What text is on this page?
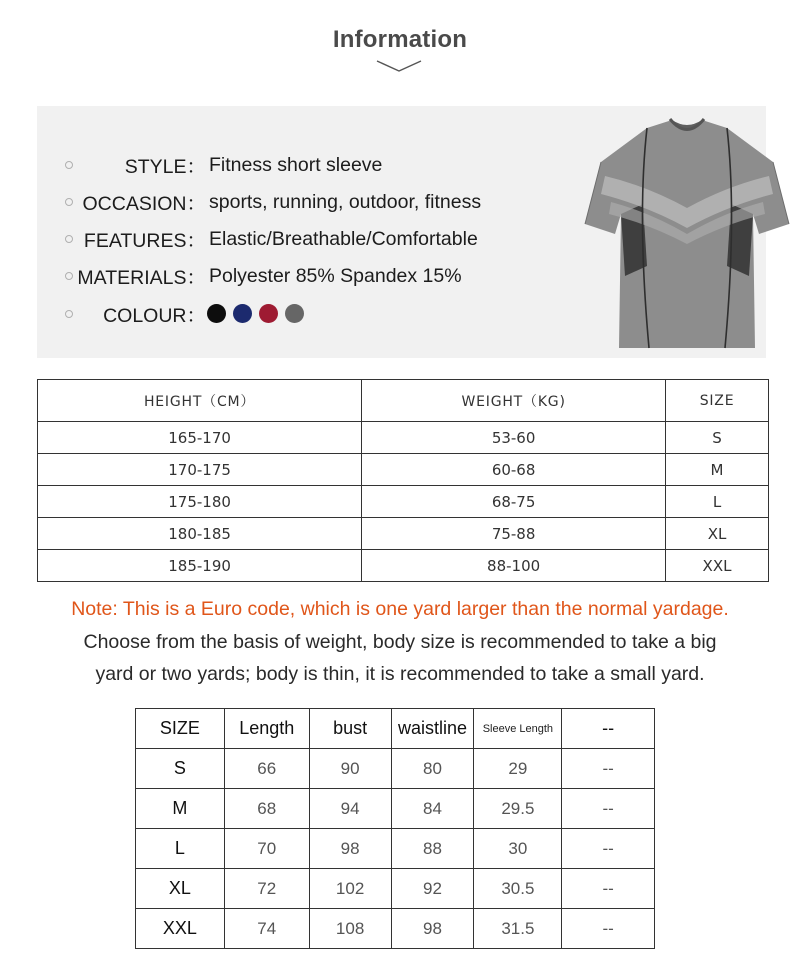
Information
STYLE： Fitness short sleeve
OCCASION： sports, running, outdoor, fitness
FEATURES： Elastic/Breathable/Comfortable
MATERIALS： Polyester 85% Spandex 15%
COLOUR：
HEIGHT（CM）	WEIGHT（KG)	SIZE
165-170	53-60	S
170-175	60-68	M
175-180	68-75	L
180-185	75-88	XL
185-190	88-100	XXL
Note: This is a Euro code, which is one yard larger than the normal yardage.
Choose from the basis of weight, body size is recommended to take a big
yard or two yards; body is thin, it is recommended to take a small yard.
SIZE	Length	bust	waistline	Sleeve Length	--
S	66	90	80	29	--
M	68	94	84	29.5	--
L	70	98	88	30	--
XL	72	102	92	30.5	--
XXL	74	108	98	31.5	--
